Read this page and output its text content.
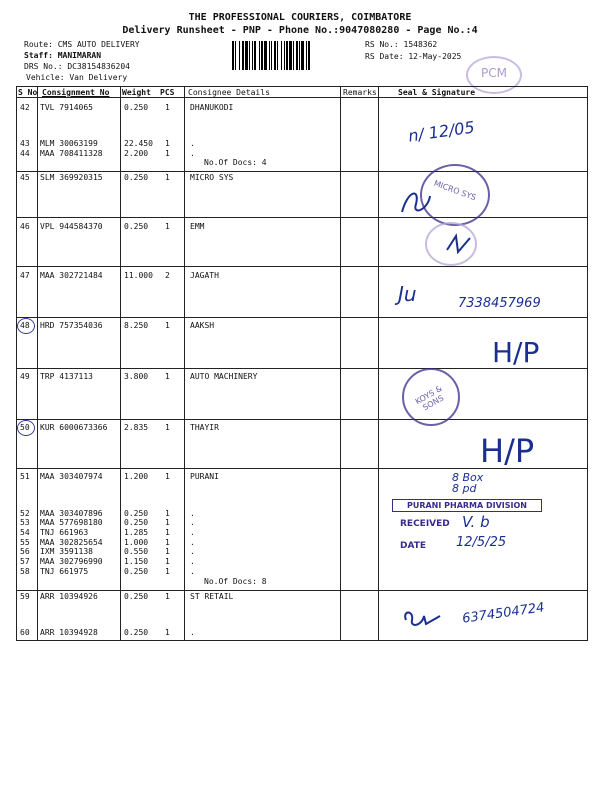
THE PROFESSIONAL COURIERS, COIMBATORE
Delivery Runsheet - PNP - Phone No.:9047080280 - Page No.:4
Route: CMS AUTO DELIVERY
Staff: MANIMARAN
DRS No.: DC38154836204
Vehicle: Van Delivery
RS No.: 1548362
RS Date: 12-May-2025
PCM
S No Consignment No Weight PCS Consignee Details	Remarks	Seal & Signature
42 TVL 7914065	0.250 1	DHANUKODI
43 MLM 30063199	22.450 1	.
44 MAA 708411328	2.200 1	.
No.Of Docs: 4
45 SLM 369920315	0.250 1	MICRO SYS
46 VPL 944584370	0.250 1	EMM
47 MAA 302721484	11.000 2	JAGATH
48 HRD 757354036	8.250 1	AAKSH
49 TRP 4137113	3.800 1	AUTO MACHINERY
50 KUR 6000673366 2.835 1	THAYIR
51 MAA 303407974	1.200 1	PURANI
52 MAA 303407896	0.250 1	.
53 MAA 577698180	0.250 1	.
54 TNJ 661963	1.285 1	.
55 MAA 302825654	1.000 1	.
56 IXM 3591138	0.550 1	.
57 MAA 302796990	1.150 1	.
58 TNJ 661975	0.250 1	.
No.Of Docs: 8
59 ARR 10394926	0.250 1	ST RETAIL
60 ARR 10394928	0.250 1	.
n/ 12/05
MICRO SYS
Ju	7338457969
H/P
KOYS & SONS
H/P
8 Box 8 pd
PURANI PHARMA DIVISION
RECEIVED V. b
DATE 12/5/25
6374504724
